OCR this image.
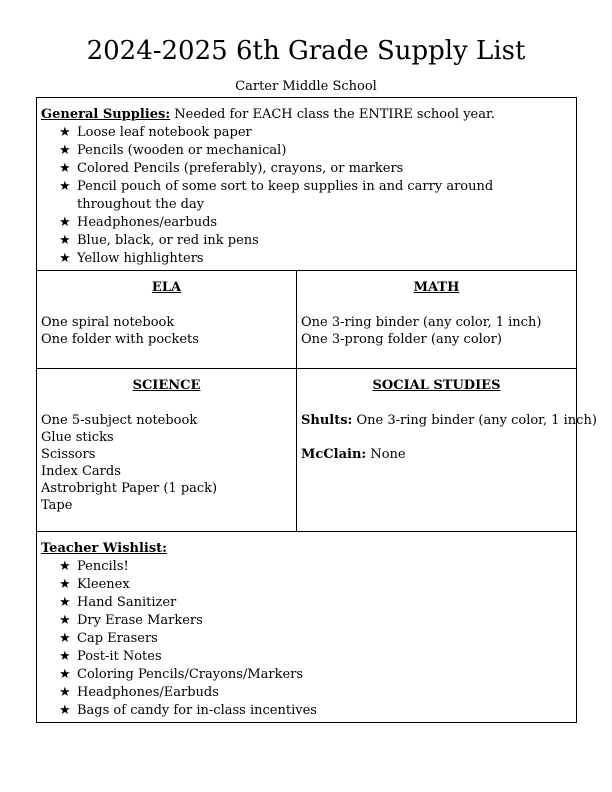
2024-2025 6th Grade Supply List
Carter Middle School
General Supplies: Needed for EACH class the ENTIRE school year.
★ Loose leaf notebook paper
★ Pencils (wooden or mechanical)
★ Colored Pencils (preferably), crayons, or markers
★ Pencil pouch of some sort to keep supplies in and carry around throughout the day
★ Headphones/earbuds
★ Blue, black, or red ink pens
★ Yellow highlighters
ELA
One spiral notebook
One folder with pockets
MATH
One 3-ring binder (any color, 1 inch)
One 3-prong folder (any color)
SCIENCE
One 5-subject notebook
Glue sticks
Scissors
Index Cards
Astrobright Paper (1 pack)
Tape
SOCIAL STUDIES
Shults: One 3-ring binder (any color, 1 inch)
McClain: None
Teacher Wishlist:
★ Pencils!
★ Kleenex
★ Hand Sanitizer
★ Dry Erase Markers
★ Cap Erasers
★ Post-it Notes
★ Coloring Pencils/Crayons/Markers
★ Headphones/Earbuds
★ Bags of candy for in-class incentives
